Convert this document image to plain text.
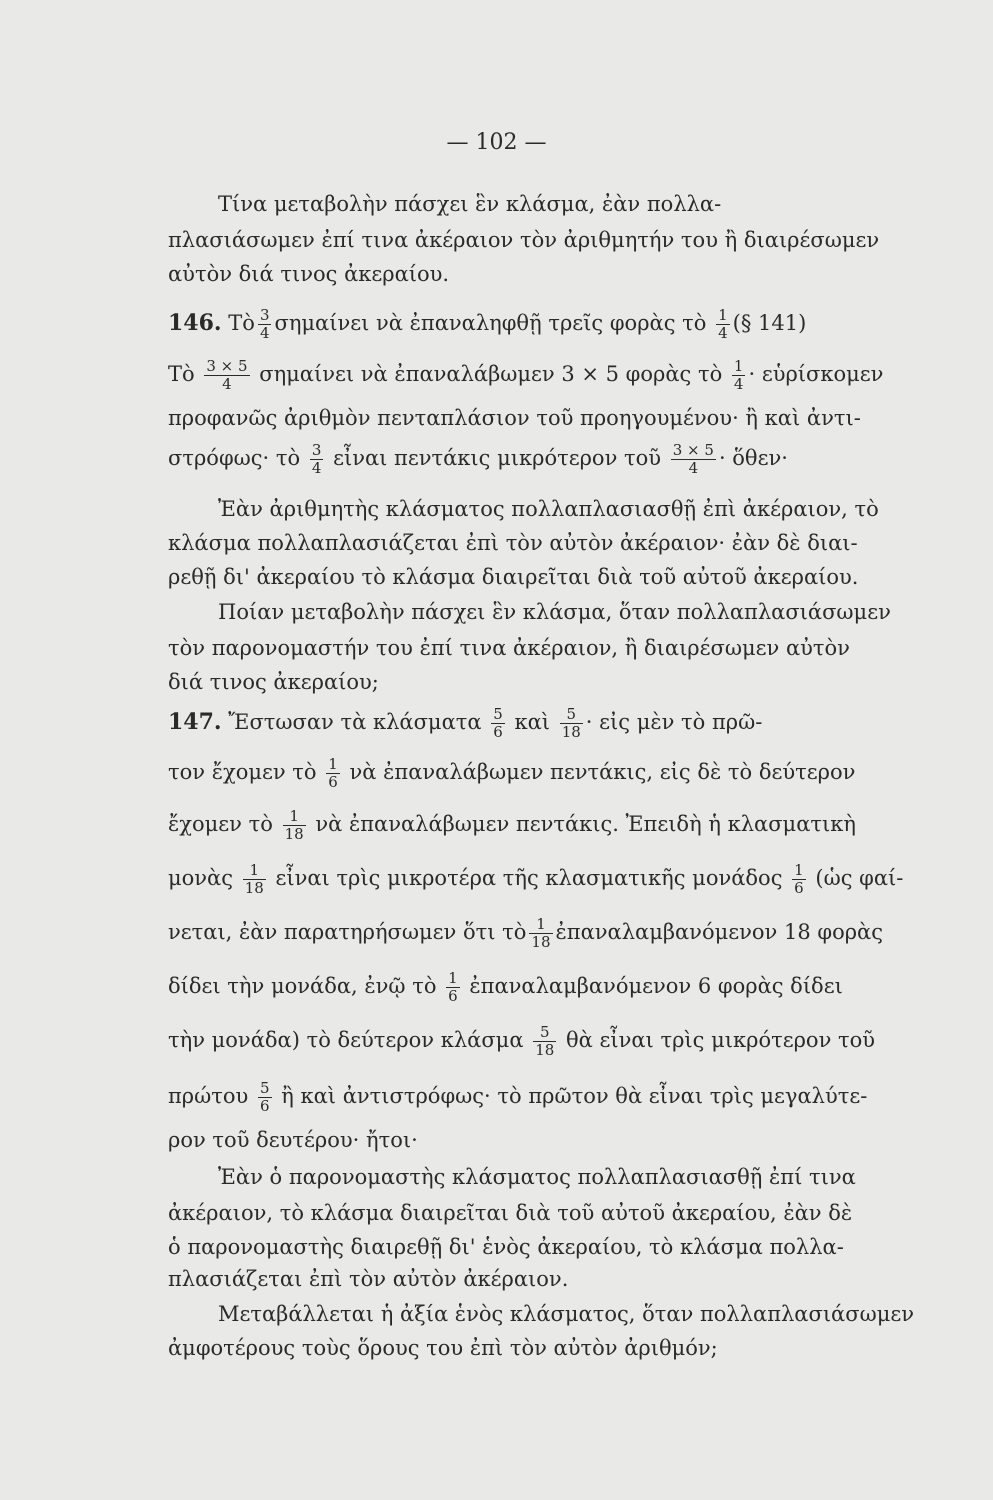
— 102 —
Τίνα μεταβολὴν πάσχει ἓν κλάσμα, ἐὰν πολλα-
πλασιάσωμεν ἐπί τινα ἀκέραιον τὸν ἀριθμητήν του ἢ διαιρέσωμεν
αὐτὸν διά τινος ἀκεραίου.
146. Τὸ $\frac{3}{4}$ σημαίνει νὰ ἐπαναληφθῇ τρεῖς φορὰς τὸ $\frac{1}{4}$ (§ 141)
Τὸ $\frac{3 \times 5}{4}$ σημαίνει νὰ ἐπαναλάβωμεν 3 × 5 φορὰς τὸ $\frac{1}{4}$ · εὑρίσκομεν
προφανῶς ἀριθμὸν πενταπλάσιον τοῦ προηγουμένου· ἢ καὶ ἀντι-
στρόφως· τὸ $\frac{3}{4}$ εἶναι πεντάκις μικρότερον τοῦ $\frac{3 \times 5}{4}$ · ὅθεν·
Ἐὰν ἀριθμητὴς κλάσματος πολλαπλασιασθῇ ἐπὶ ἀκέραιον, τὸ
κλάσμα πολλαπλασιάζεται ἐπὶ τὸν αὐτὸν ἀκέραιον· ἐὰν δὲ διαι-
ρεθῇ δι' ἀκεραίου τὸ κλάσμα διαιρεῖται διὰ τοῦ αὐτοῦ ἀκεραίου.
Ποίαν μεταβολὴν πάσχει ἓν κλάσμα, ὅταν πολλαπλασιάσωμεν
τὸν παρονομαστήν του ἐπί τινα ἀκέραιον, ἢ διαιρέσωμεν αὐτὸν
διά τινος ἀκεραίου;
147. Ἔστωσαν τὰ κλάσματα $\frac{5}{6}$ καὶ $\frac{5}{18}$ · εἰς μὲν τὸ πρῶ-
τον ἔχομεν τὸ $\frac{1}{6}$ νὰ ἐπαναλάβωμεν πεντάκις, εἰς δὲ τὸ δεύτερον
ἔχομεν τὸ $\frac{1}{18}$ νὰ ἐπαναλάβωμεν πεντάκις. Ἐπειδὴ ἡ κλασματικὴ
μονὰς $\frac{1}{18}$ εἶναι τρὶς μικροτέρα τῆς κλασματικῆς μονάδος $\frac{1}{6}$ (ὡς φαί-
νεται, ἐὰν παρατηρήσωμεν ὅτι τὸ $\frac{1}{18}$ ἐπαναλαμβανόμενον 18 φορὰς
δίδει τὴν μονάδα, ἐνῷ τὸ $\frac{1}{6}$ ἐπαναλαμβανόμενον 6 φορὰς δίδει
τὴν μονάδα) τὸ δεύτερον κλάσμα $\frac{5}{18}$ θὰ εἶναι τρὶς μικρότερον τοῦ
πρώτου $\frac{5}{6}$ ἢ καὶ ἀντιστρόφως· τὸ πρῶτον θὰ εἶναι τρὶς μεγαλύτε-
ρον τοῦ δευτέρου· ἤτοι·
Ἐὰν ὁ παρονομαστὴς κλάσματος πολλαπλασιασθῇ ἐπί τινα
ἀκέραιον, τὸ κλάσμα διαιρεῖται διὰ τοῦ αὐτοῦ ἀκεραίου, ἐὰν δὲ
ὁ παρονομαστὴς διαιρεθῇ δι' ἑνὸς ἀκεραίου, τὸ κλάσμα πολλα-
πλασιάζεται ἐπὶ τὸν αὐτὸν ἀκέραιον.
Μεταβάλλεται ἡ ἀξία ἑνὸς κλάσματος, ὅταν πολλαπλασιάσωμεν
ἀμφοτέρους τοὺς ὅρους του ἐπὶ τὸν αὐτὸν ἀριθμόν;
